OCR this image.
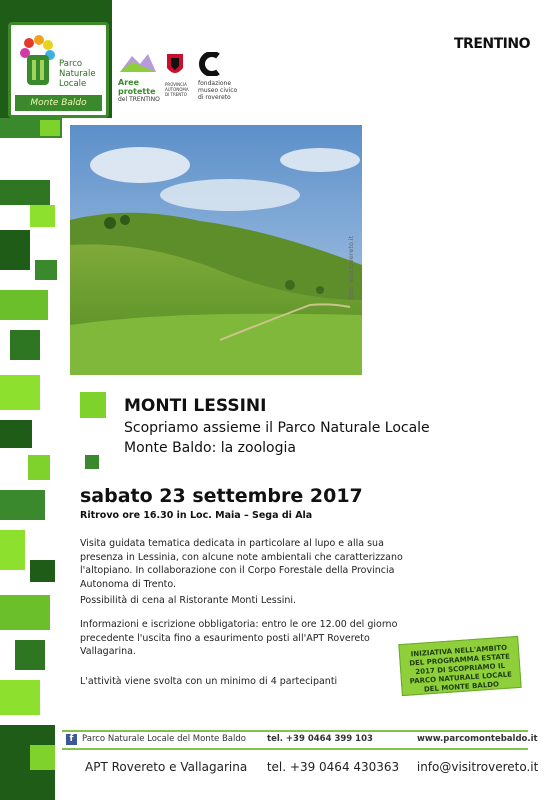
Parco
Naturale
Locale
Monte Baldo
Aree protette
del TRENTINO
PROVINCIA AUTONOMA DI TRENTO
fondazione
museo civico
di rovereto
TRENTINO
foto: visitrovereto.it
MONTI LESSINI
Scopriamo assieme il Parco Naturale Locale Monte Baldo: la zoologia
sabato 23 settembre 2017
Ritrovo ore 16.30 in Loc. Maia – Sega di Ala
Visita guidata tematica dedicata in particolare al lupo e alla sua presenza in Lessinia, con alcune note ambientali che caratterizzano l'altopiano. In collaborazione con il Corpo Forestale della Provincia Autonoma di Trento.
Possibilità di cena al Ristorante Monti Lessini.
Informazioni e iscrizione obbligatoria: entro le ore 12.00 del giorno precedente l'uscita fino a esaurimento posti all'APT Rovereto Vallagarina.
L'attività viene svolta con un minimo di 4 partecipanti
INIZIATIVA NELL'AMBITO DEL PROGRAMMA ESTATE 2017 DI SCOPRIAMO IL PARCO NATURALE LOCALE DEL MONTE BALDO
f	Parco Naturale Locale del Monte Baldo tel. +39 0464 399 103	www.parcomontebaldo.it
APT Rovereto e Vallagarina tel. +39 0464 430363 info@visitrovereto.it
